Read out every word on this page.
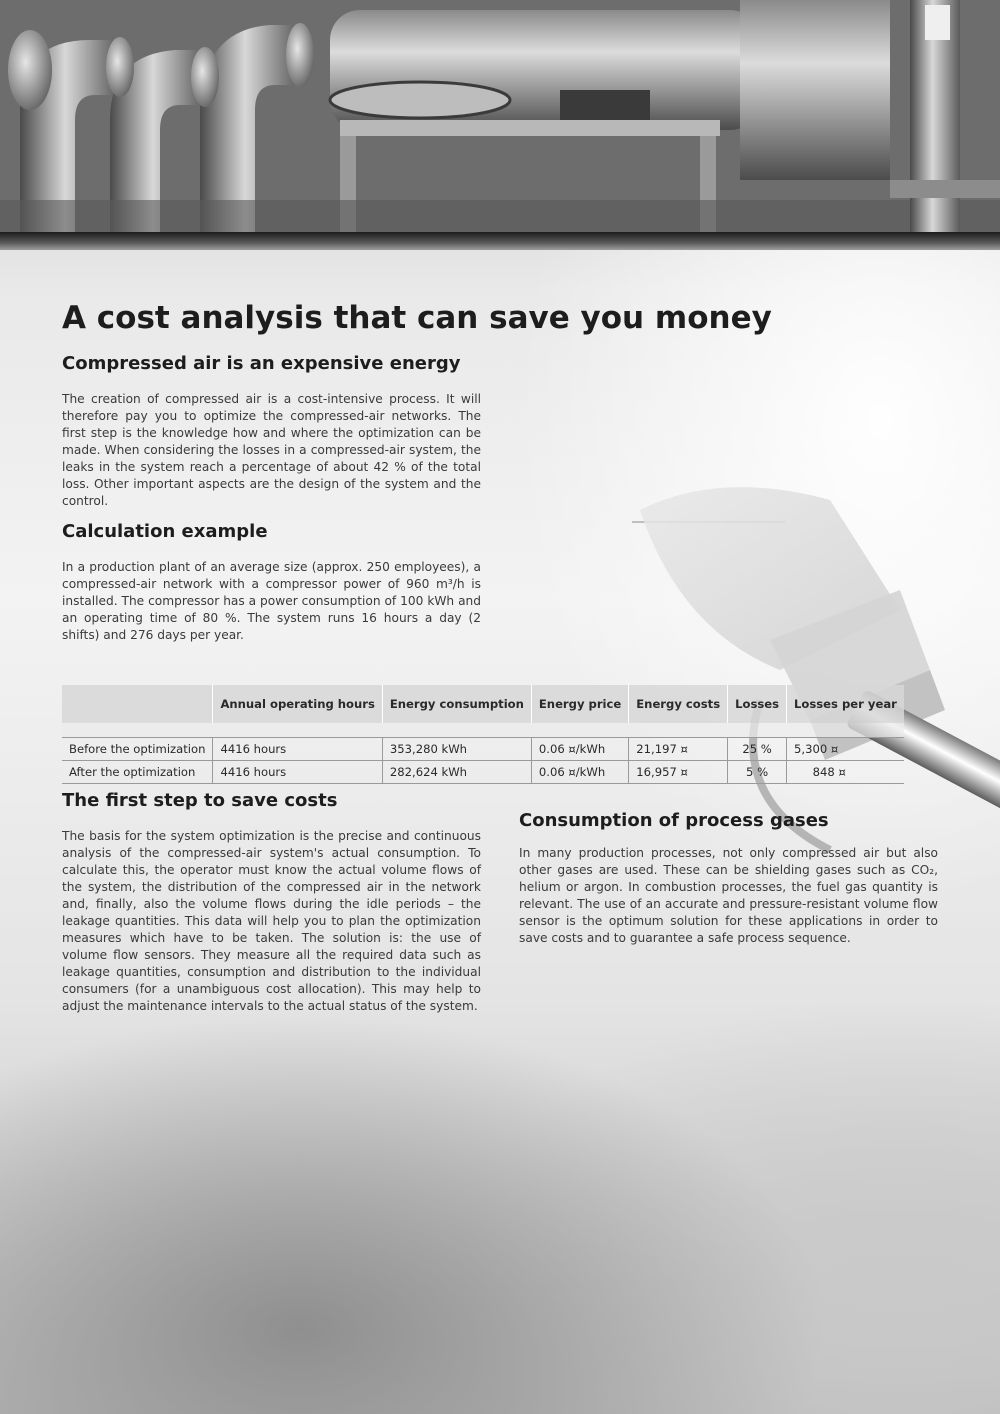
A cost analysis that can save you money
Compressed air is an expensive energy

The creation of compressed air is a cost-intensive process. It will therefore pay you to optimize the compressed-air networks. The first step is the knowledge how and where the optimization can be made. When considering the losses in a compressed-air system, the leaks in the system reach a percentage of about 42 % of the total loss. Other important aspects are the design of the system and the control.

Calculation example

In a production plant of an average size (approx. 250 employees), a compressed-air network with a compressor power of 960 m³/h is installed. The compressor has a power consumption of 100 kWh and an operating time of 80 %. The system runs 16 hours a day (2 shifts) and 276 days per year.

	Annual operating hours	Energy consumption	Energy price	Energy costs	Losses	Losses per year

Before the optimization	4416 hours	353,280 kWh	0.06 ¤/kWh	21,197 ¤	25 %	5,300 ¤
After the optimization	4416 hours	282,624 kWh	0.06 ¤/kWh	16,957 ¤	5 %	848 ¤
The first step to save costs

The basis for the system optimization is the precise and continuous analysis of the compressed-air system's actual consumption. To calculate this, the operator must know the actual volume flows of the system, the distribution of the compressed air in the network and, finally, also the volume flows during the idle periods – the leakage quantities. This data will help you to plan the optimization measures which have to be taken. The solution is: the use of volume flow sensors. They measure all the required data such as leakage quantities, consumption and distribution to the individual consumers (for a unambiguous cost allocation). This may help to adjust the maintenance intervals to the actual status of the system.

Consumption of process gases

In many production processes, not only compressed air but also other gases are used. These can be shielding gases such as CO₂, helium or argon. In combustion processes, the fuel gas quantity is relevant. The use of an accurate and pressure-resistant volume flow sensor is the optimum solution for these applications in order to save costs and to guarantee a safe process sequence.
